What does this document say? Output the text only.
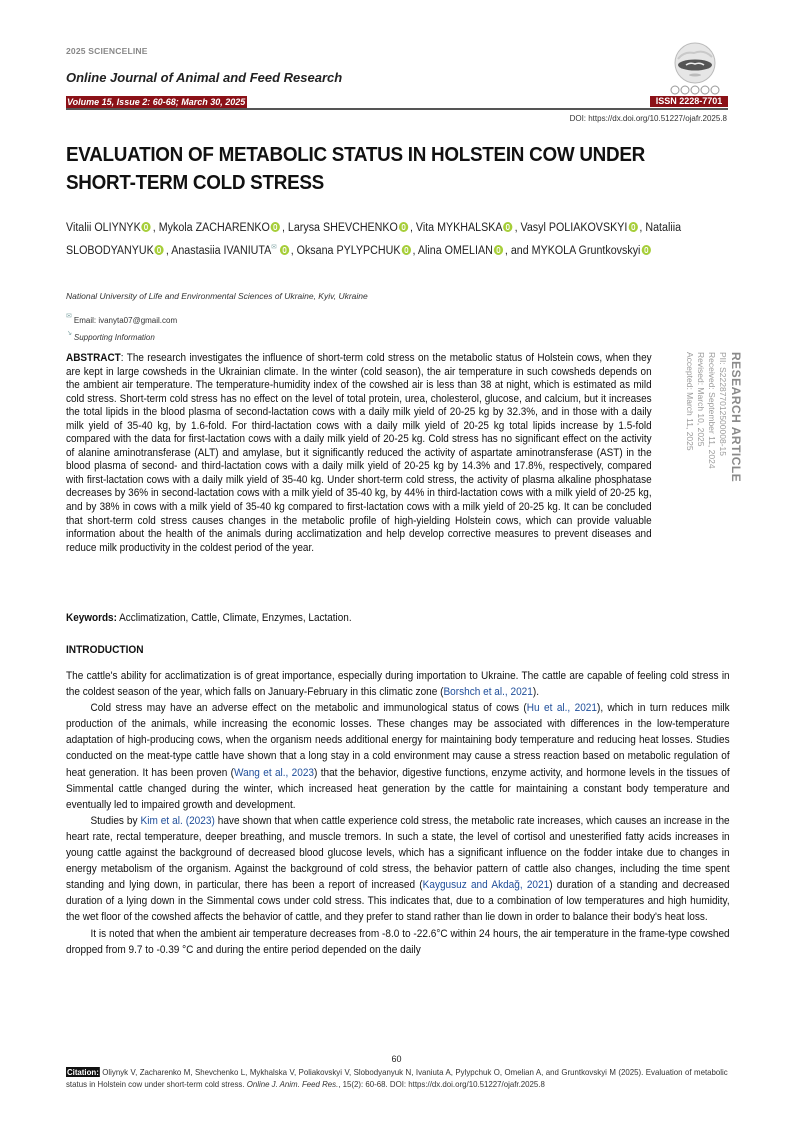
2025 SCIENCELINE
Online Journal of Animal and Feed Research
Volume 15, Issue 2: 60-68; March 30, 2025	ISSN 2228-7701
DOI: https://dx.doi.org/10.51227/ojafr.2025.8
EVALUATION OF METABOLIC STATUS IN HOLSTEIN COW UNDER SHORT-TERM COLD STRESS
Vitalii OLIYNYK , Mykola ZACHARENKO , Larysa SHEVCHENKO , Vita MYKHALSKA , Vasyl POLIAKOVSKYI , Nataliia SLOBODYANYUK , Anastasiia IVANIUTA✉ , Oksana PYLYPCHUK , Alina OMELIAN , and MYKOLA Gruntkovskyi
National University of Life and Environmental Sciences of Ukraine, Kyiv, Ukraine
✉ Email: ivanyta07@gmail.com
↘ Supporting Information
ABSTRACT: The research investigates the influence of short-term cold stress on the metabolic status of Holstein cows, when they are kept in large cowsheds in the Ukrainian climate. In the winter (cold season), the air temperature in such cowsheds depends on the ambient air temperature. The temperature-humidity index of the cowshed air is less than 38 at night, which is estimated as mild cold stress. Short-term cold stress has no effect on the level of total protein, urea, cholesterol, glucose, and calcium, but it increases the total lipids in the blood plasma of second-lactation cows with a daily milk yield of 20-25 kg by 32.3%, and in those with a daily milk yield of 35-40 kg, by 1.6-fold. For third-lactation cows with a daily milk yield of 20-25 kg total lipids increase by 1.5-fold compared with the data for first-lactation cows with a daily milk yield of 20-25 kg. Cold stress has no significant effect on the activity of alanine aminotransferase (ALT) and amylase, but it significantly reduced the activity of aspartate aminotransferase (AST) in the blood plasma of second- and third-lactation cows with a daily milk yield of 20-25 kg by 14.3% and 17.8%, respectively, compared with first-lactation cows with a daily milk yield of 35-40 kg. Under short-term cold stress, the activity of plasma alkaline phosphatase decreases by 36% in second-lactation cows with a milk yield of 35-40 kg, by 44% in third-lactation cows with a milk yield of 20-25 kg, and by 38% in cows with a milk yield of 35-40 kg compared to first-lactation cows with a milk yield of 20-25 kg. It can be concluded that short-term cold stress causes changes in the metabolic profile of high-yielding Holstein cows, which can provide valuable information about the health of the animals during acclimatization and help develop corrective measures to prevent diseases and reduce milk productivity in the coldest period of the year.
RESEARCH ARTICLE
PII: S222877012500008-15
Received: September 11, 2024
Revised: March 10, 2025
Accepted: March 11, 2025
Keywords: Acclimatization, Cattle, Climate, Enzymes, Lactation.
INTRODUCTION

The cattle's ability for acclimatization is of great importance, especially during importation to Ukraine. The cattle are capable of feeling cold stress in the coldest season of the year, which falls on January-February in this climatic zone (Borshch et al., 2021).

Cold stress may have an adverse effect on the metabolic and immunological status of cows (Hu et al., 2021), which in turn reduces milk production of the animals, while increasing the economic losses. These changes may be associated with differences in the low-temperature adaptation of high-producing cows, when the organism needs additional energy for maintaining body temperature and reducing heat losses. Studies conducted on the meat-type cattle have shown that a long stay in a cold environment may cause a stress reaction based on metabolic regulation of heat generation. It has been proven (Wang et al., 2023) that the behavior, digestive functions, enzyme activity, and hormone levels in the tissues of Simmental cattle changed during the winter, which increased heat generation by the cattle for maintaining a constant body temperature and eventually led to impaired growth and development.

Studies by Kim et al. (2023) have shown that when cattle experience cold stress, the metabolic rate increases, which causes an increase in the heart rate, rectal temperature, deeper breathing, and muscle tremors. In such a state, the level of cortisol and unesterified fatty acids increases in young cattle against the background of decreased blood glucose levels, which has a significant influence on the fodder intake due to changes in energy metabolism of the organism. Against the background of cold stress, the behavior pattern of cattle also changes, including the time spent standing and lying down, in particular, there has been a report of increased (Kaygusuz and Akdağ, 2021) duration of a standing and decreased duration of a lying down in the Simmental cows under cold stress. This indicates that, due to a combination of low temperatures and high humidity, the wet floor of the cowshed affects the behavior of cattle, and they prefer to stand rather than lie down in order to balance their body's heat loss.

It is noted that when the ambient air temperature decreases from -8.0 to -22.6°C within 24 hours, the air temperature in the frame-type cowshed dropped from 9.7 to -0.39 °C and during the entire period depended on the daily

60
Citation: Oliynyk V, Zacharenko M, Shevchenko L, Mykhalska V, Poliakovskyi V, Slobodyanyuk N, Ivaniuta A, Pylypchuk O, Omelian A, and Gruntkovskyi M (2025). Evaluation of metabolic status in Holstein cow under short-term cold stress. Online J. Anim. Feed Res., 15(2): 60-68. DOI: https://dx.doi.org/10.51227/ojafr.2025.8
